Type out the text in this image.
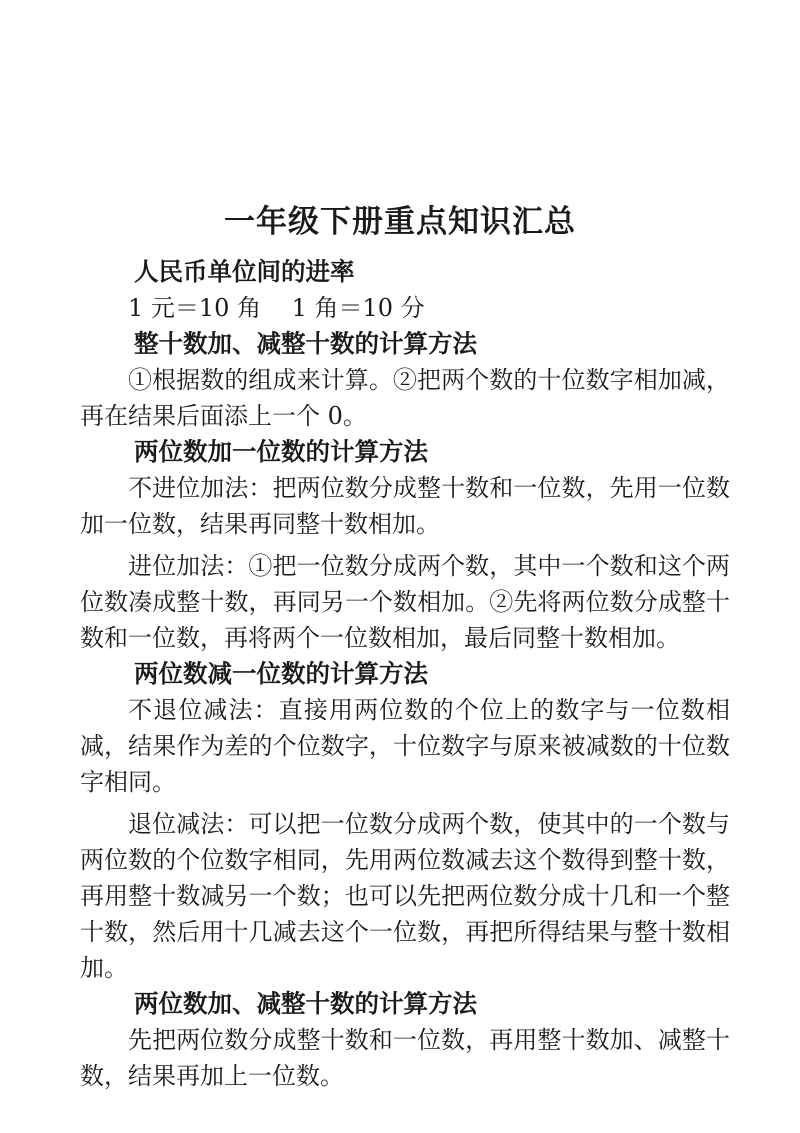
一年级下册重点知识汇总
人民币单位间的进率
1 元＝10 角    1 角＝10 分
整十数加、减整十数的计算方法
①根据数的组成来计算。②把两个数的十位数字相加减，再在结果后面添上一个 0。
两位数加一位数的计算方法
不进位加法：把两位数分成整十数和一位数，先用一位数加一位数，结果再同整十数相加。
进位加法：①把一位数分成两个数，其中一个数和这个两位数凑成整十数，再同另一个数相加。②先将两位数分成整十数和一位数，再将两个一位数相加，最后同整十数相加。
两位数减一位数的计算方法
不退位减法：直接用两位数的个位上的数字与一位数相减，结果作为差的个位数字，十位数字与原来被减数的十位数字相同。
退位减法：可以把一位数分成两个数，使其中的一个数与两位数的个位数字相同，先用两位数减去这个数得到整十数，再用整十数减另一个数；也可以先把两位数分成十几和一个整十数，然后用十几减去这个一位数，再把所得结果与整十数相加。
两位数加、减整十数的计算方法
先把两位数分成整十数和一位数，再用整十数加、减整十数，结果再加上一位数。
